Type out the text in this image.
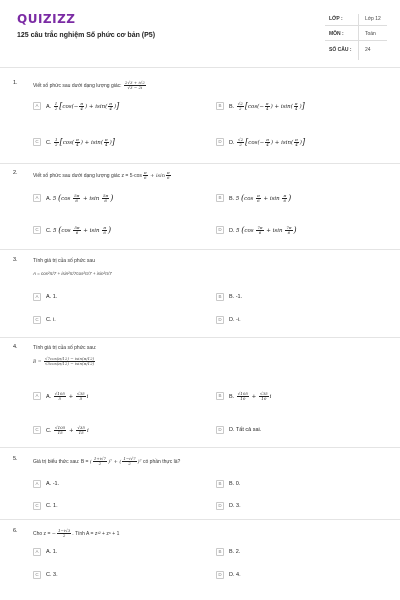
QUIZIZZ
125 câu trắc nghiệm Số phức cơ bản (P5)
LỚP :	Lớp 12
MÔN :	Toán
SỐ CÂU :	24
1.	Viết số phức sau dưới dạng lượng giác: $\frac{2√3 + i√2}{√3 - 2i}$
A	A. $\frac{1}{2} [\cos(- \frac{\pi}{4}$ ) + $isin( \frac{\pi}{4}$ )]	B	B. $\frac{√2}{2} [\cos(- \frac{\pi}{4}$ ) + $isin( \frac{\pi}{4}$ )]
C	C. $\frac{1}{2} [\cos( \frac{\pi}{4}$ ) + $isin( \frac{\pi}{4}$ )]	D	D. $\frac{√2}{2} [\cos(- \frac{\pi}{4}$ ) + $isin( \frac{\pi}{4}$ )]
2.	Viết số phức sau dưới dạng lượng giác $z = 5\cdot\cos \frac{\pi}{6} + isin \frac{\pi}{6}$
A	A. 5 ($\cos \frac{5\pi}{6} + isin \frac{5\pi}{6}$ )	B	B. 5 ($\cos \frac{\pi}{6} + isin \frac{\pi}{6}$ )
C	C. 5 ($\cos \frac{5\pi}{6} + isin \frac{\pi}{6}$ )	D	D. 5 ($\cos \frac{7\pi}{6} + isin \frac{7\pi}{6}$ )
3.	Tính giá trị của số phức sau
A = cos²π/7 + isin²π/7cos²π/7 + isin²π/7
A	A. 1.	B	B. -1.
C	C. i.	D	D. -i.
4.	Tính giá trị của số phức sau:
$B = \frac{√7\cos(\pi/12) - isin(\pi/12)}{√5\cos(\pi/12) - isin(\pi/12)}$
A	A. $\frac{√105}{5} + \frac{√35}{5}$ i	B	B. $\frac{√105}{10} + \frac{√35}{10}$ i
C	C. $\frac{√105}{15} + \frac{√35}{15}$ i	D	D. Tất cả sai.
5.	Giá trị biểu thức sau: B = ( $\frac{1+i√7}{2} )^7$ + ( $\frac{1-i√7}{2} )^7$ có phần thực là?
A	A. -1.	B	B. 0.
C	C. 1.	D	D. 3.
6.	Cho z = − $\frac{1-i√3}{2}$ . Tính A = z¹² + z⁶ + 1
A	A. 1.	B	B. 2.
C	C. 3.	D	D. 4.
